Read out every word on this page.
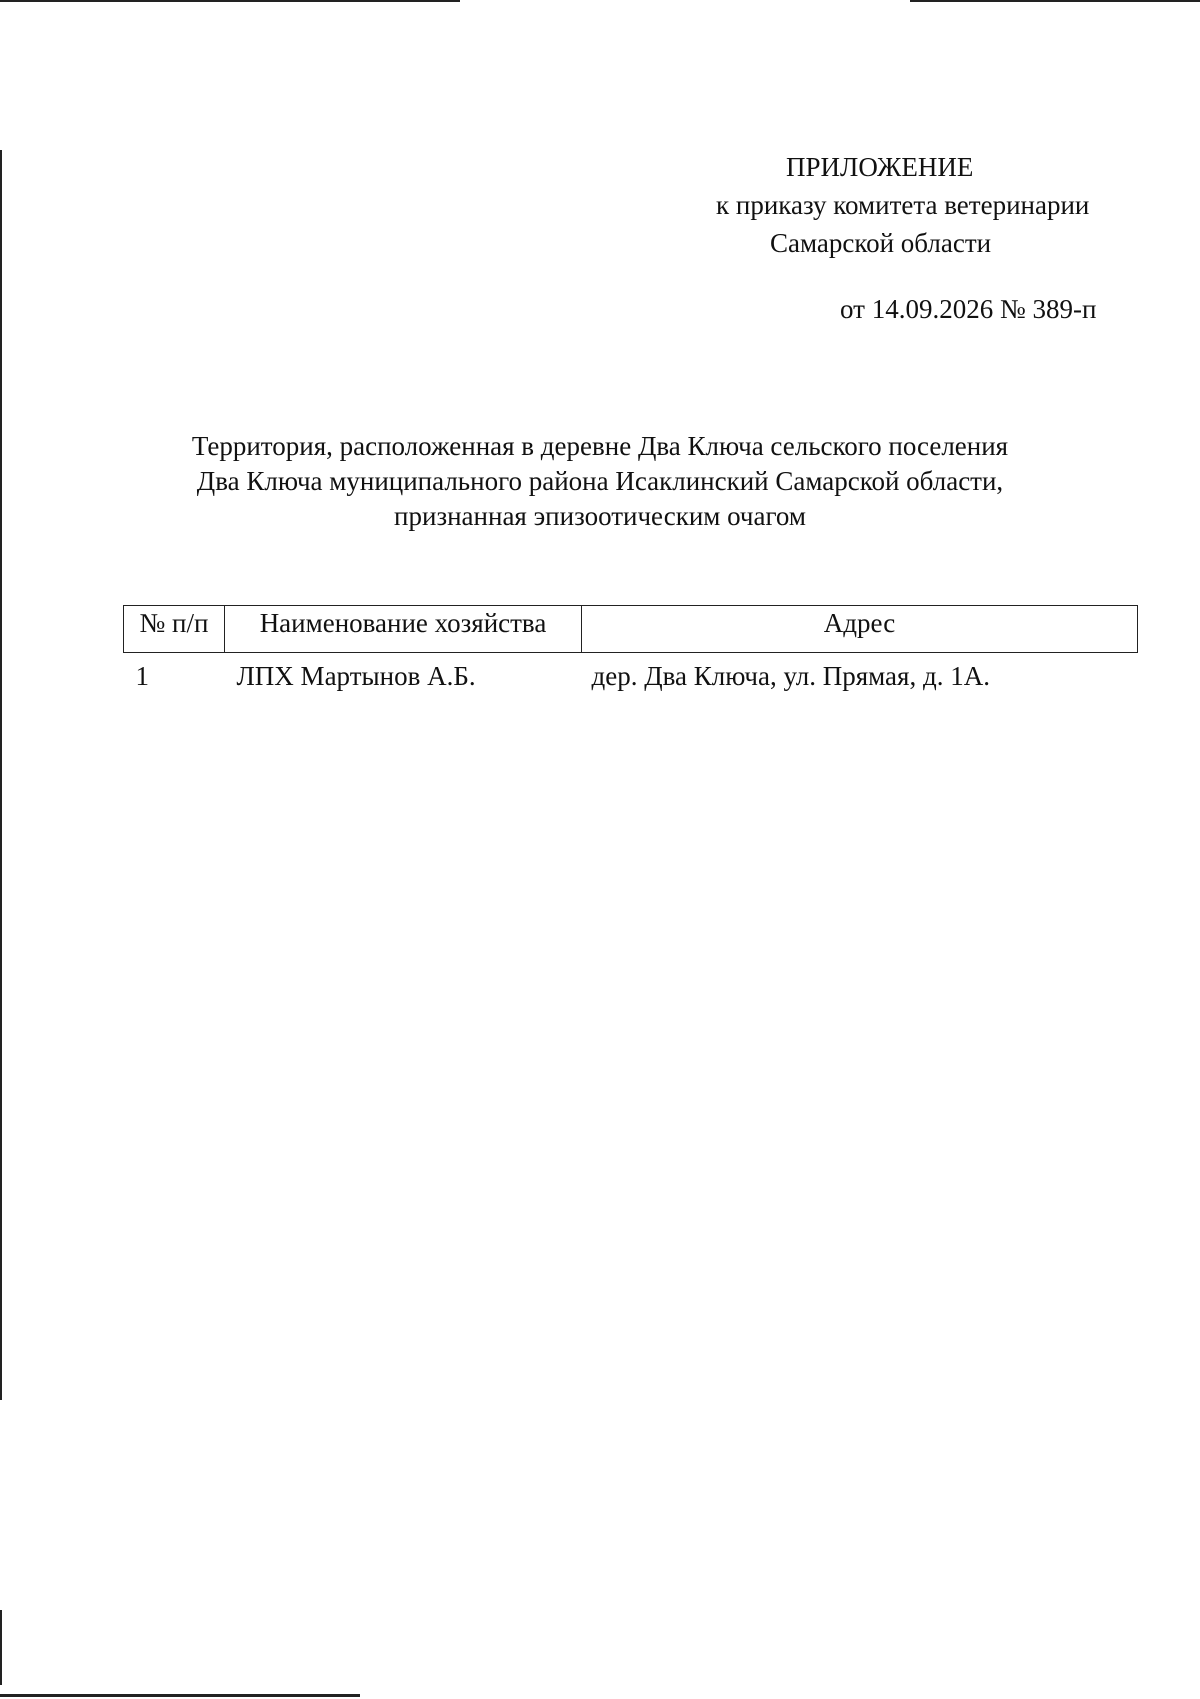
ПРИЛОЖЕНИЕ
к приказу комитета ветеринарии
Самарской области
от 14.09.2026 № 389-п
Территория, расположенная в деревне Два Ключа сельского поселения
Два Ключа муниципального района Исаклинский Самарской области,
признанная эпизоотическим очагом
№ п/п	Наименование хозяйства	Адрес
1	ЛПХ Мартынов А.Б.	дер. Два Ключа, ул. Прямая, д. 1А.
